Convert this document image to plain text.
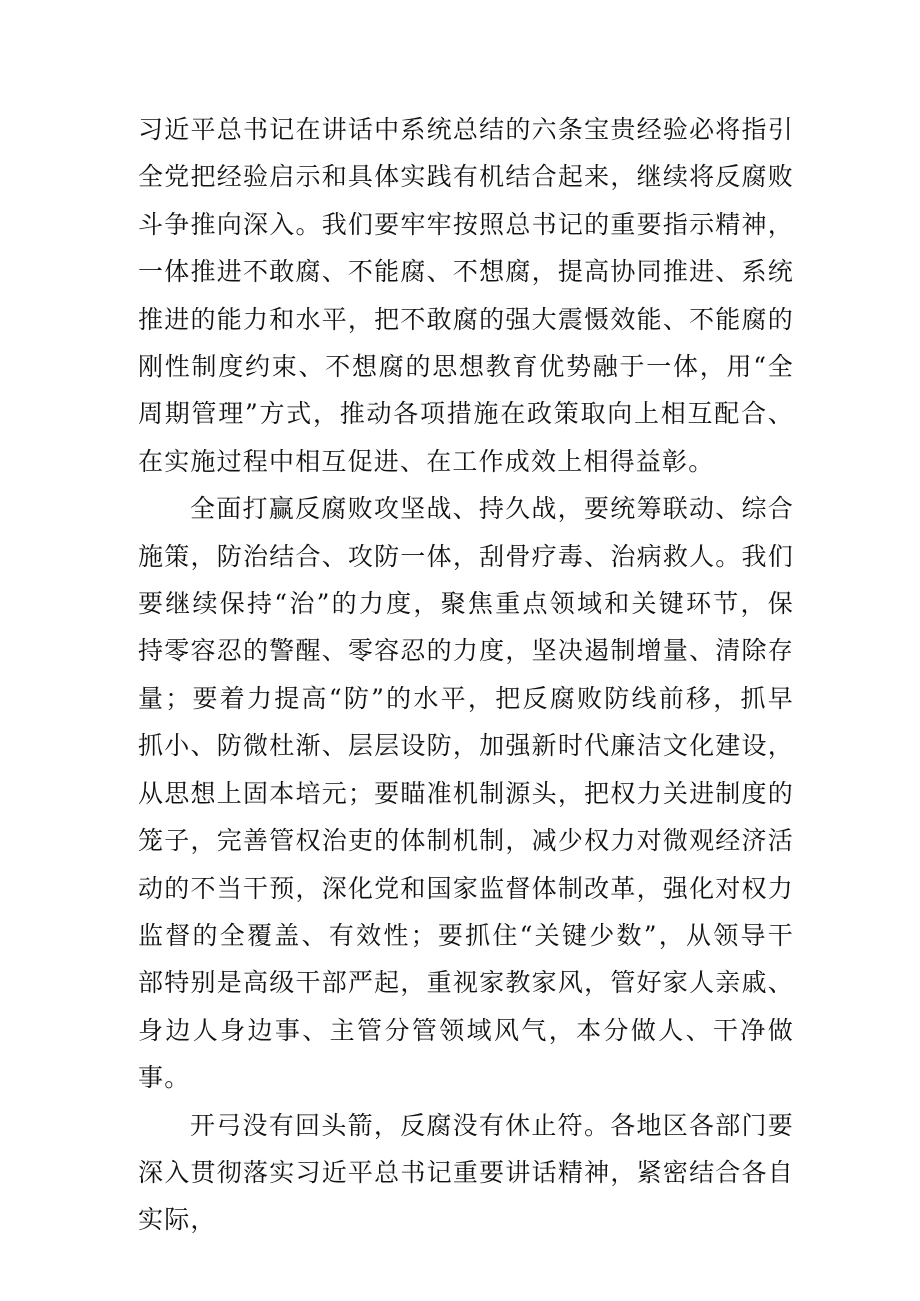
习近平总书记在讲话中系统总结的六条宝贵经验必将指引全党把经验启示和具体实践有机结合起来，继续将反腐败斗争推向深入。我们要牢牢按照总书记的重要指示精神，一体推进不敢腐、不能腐、不想腐，提高协同推进、系统推进的能力和水平，把不敢腐的强大震慑效能、不能腐的刚性制度约束、不想腐的思想教育优势融于一体，用“全周期管理”方式，推动各项措施在政策取向上相互配合、在实施过程中相互促进、在工作成效上相得益彰。

全面打赢反腐败攻坚战、持久战，要统筹联动、综合施策，防治结合、攻防一体，刮骨疗毒、治病救人。我们要继续保持“治”的力度，聚焦重点领域和关键环节，保持零容忍的警醒、零容忍的力度，坚决遏制增量、清除存量；要着力提高“防”的水平，把反腐败防线前移，抓早抓小、防微杜渐、层层设防，加强新时代廉洁文化建设，从思想上固本培元；要瞄准机制源头，把权力关进制度的笼子，完善管权治吏的体制机制，减少权力对微观经济活动的不当干预，深化党和国家监督体制改革，强化对权力监督的全覆盖、有效性；要抓住“关键少数”，从领导干部特别是高级干部严起，重视家教家风，管好家人亲戚、身边人身边事、主管分管领域风气，本分做人、干净做事。

开弓没有回头箭，反腐没有休止符。各地区各部门要深入贯彻落实习近平总书记重要讲话精神，紧密结合各自实际，
